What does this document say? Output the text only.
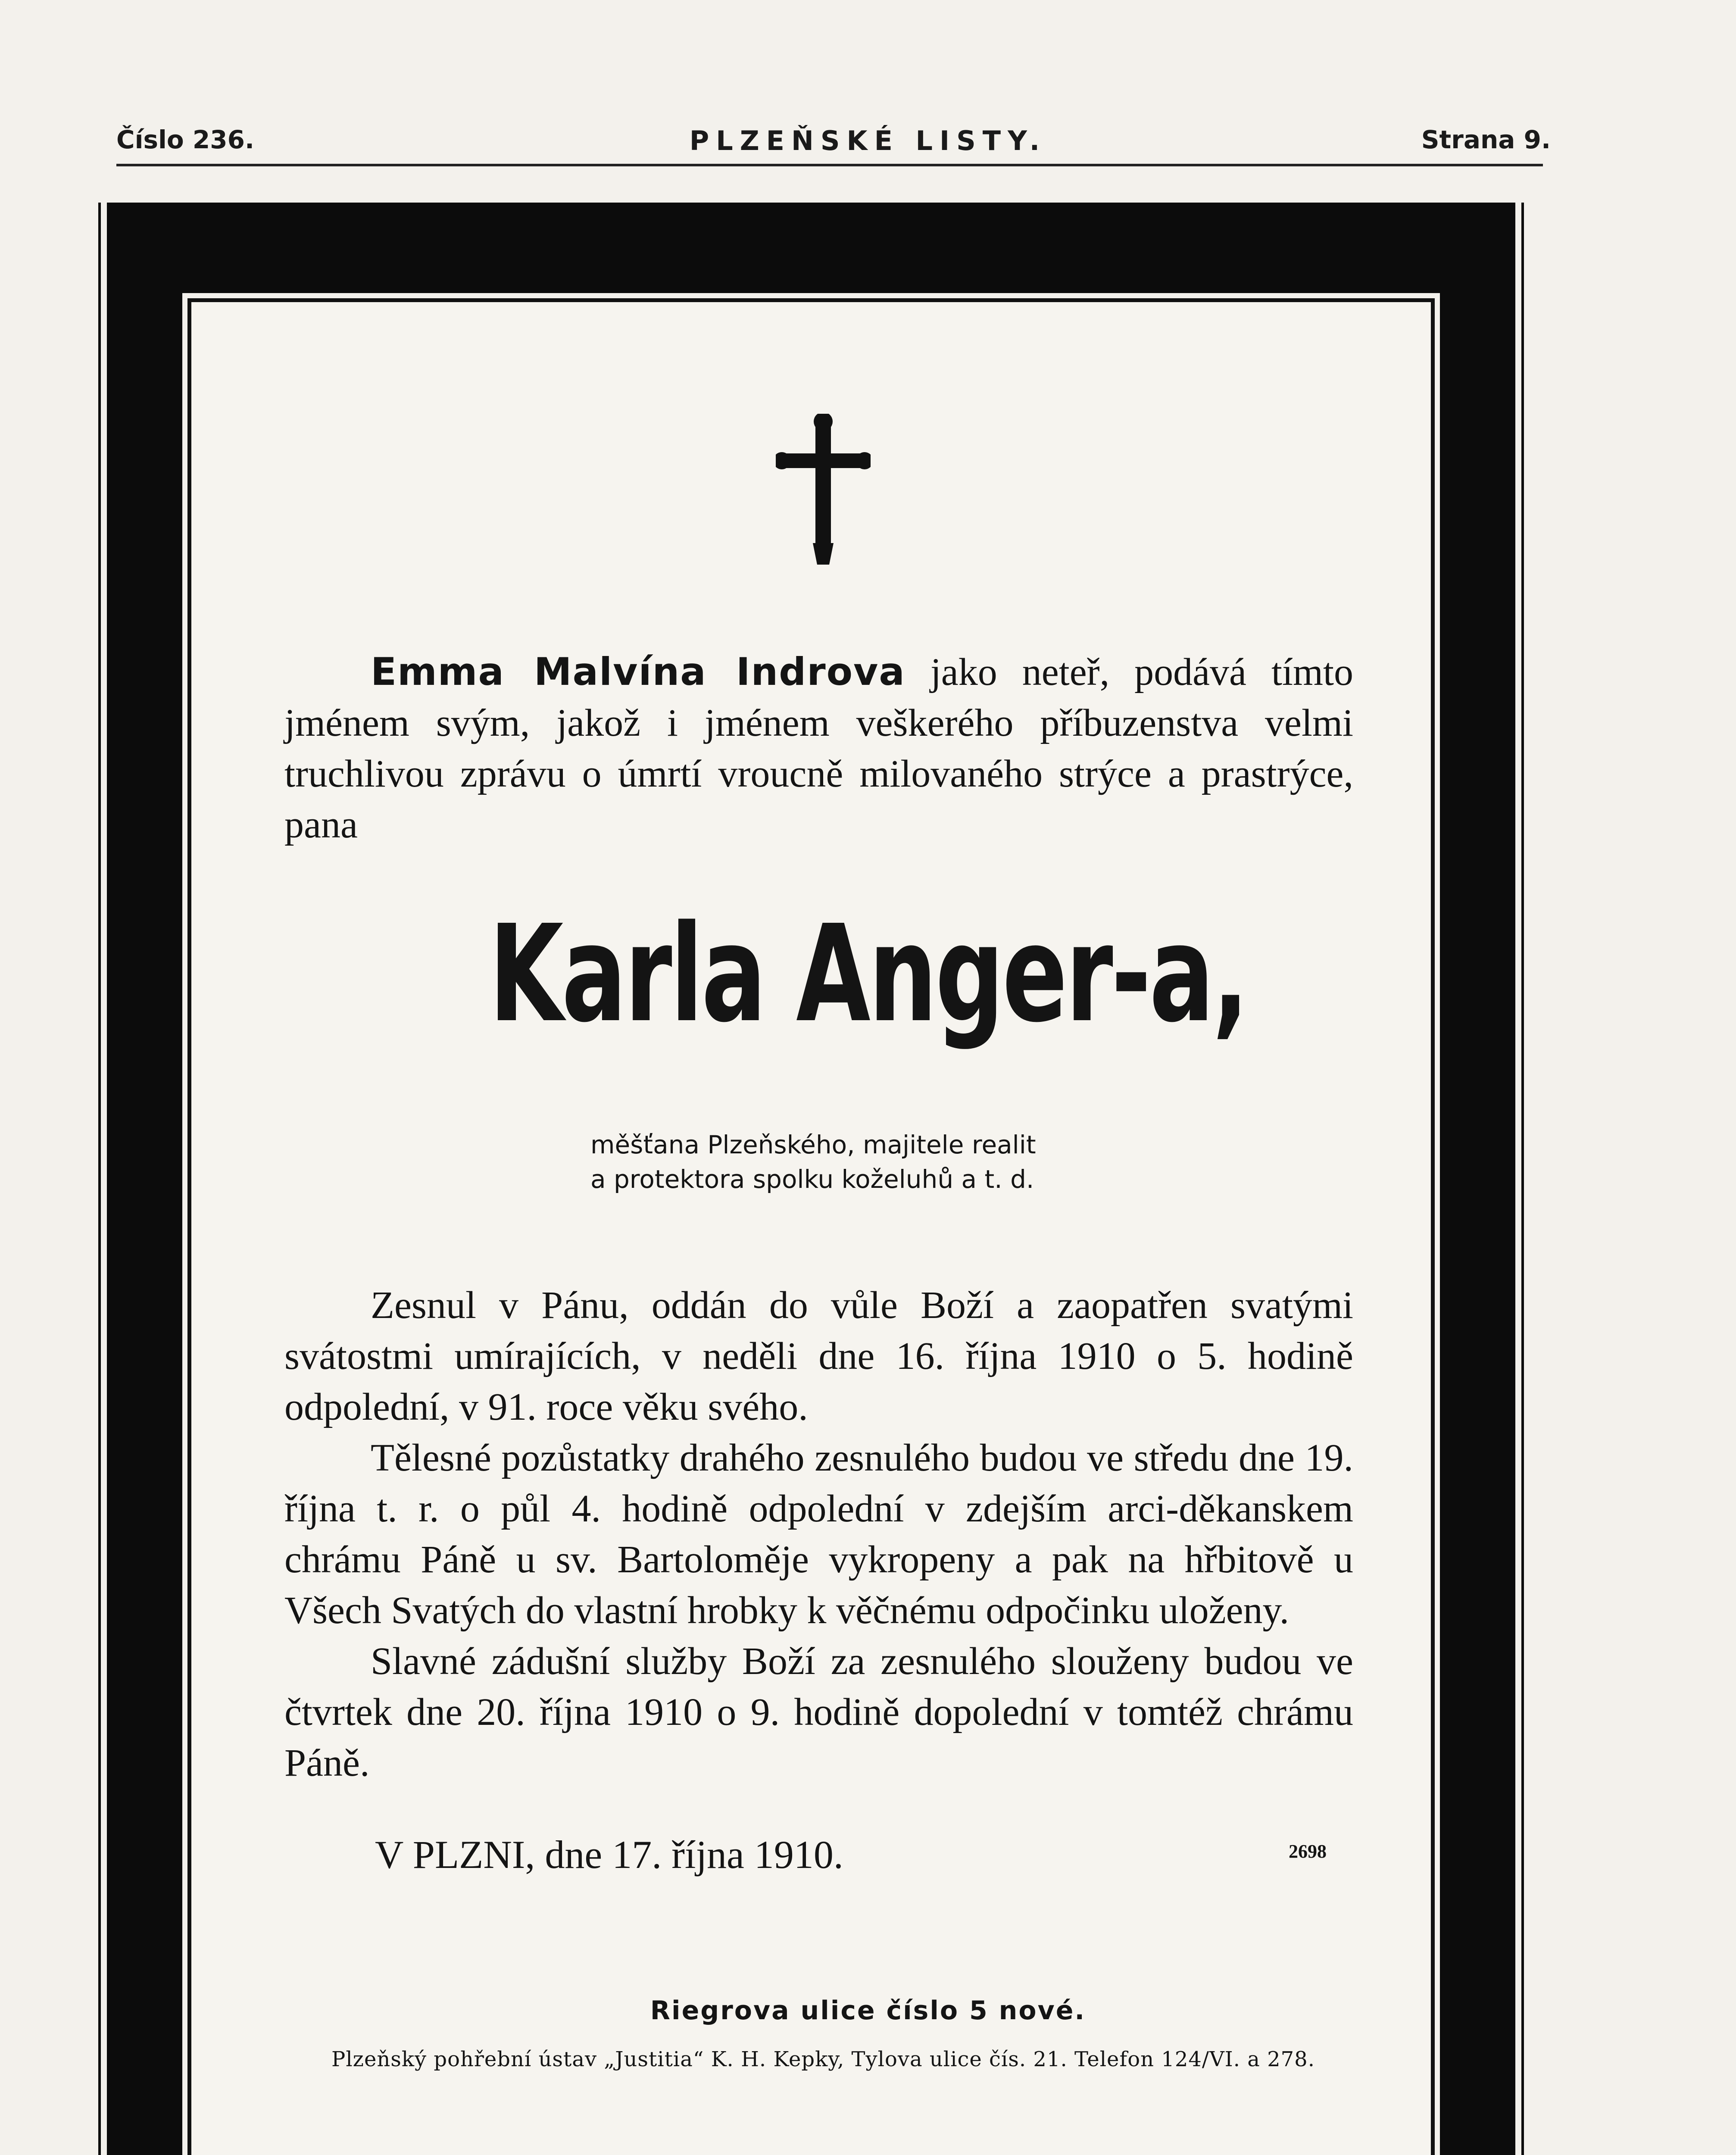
Číslo 236.	PLZEŇSKÉ LISTY.	Strana 9.

Emma Malvína Indrova jako neteř, podává tímto jménem svým, jakož i jménem veškerého příbuzenstva velmi truchlivou zprávu o úmrtí vroucně milovaného strýce a prastrýce, pana

Karla Anger-a,
měšťana Plzeňského, majitele realit
a protektora spolku koželuhů a t. d.

Zesnul v Pánu, oddán do vůle Boží a zaopatřen svatými svátostmi umírajících, v neděli dne 16. října 1910 o 5. hodině odpolední, v 91. roce věku svého.

Tělesné pozůstatky drahého zesnulého budou ve středu dne 19. října t. r. o půl 4. hodině odpolední v zdejším arci-děkanskem chrámu Páně u sv. Bartoloměje vykropeny a pak na hřbitově u Všech Svatých do vlastní hrobky k věčnému odpočinku uloženy.

Slavné zádušní služby Boží za zesnulého slouženy budou ve čtvrtek dne 20. října 1910 o 9. hodině dopolední v tomtéž chrámu Páně.

V PLZNI, dne 17. října 1910.	2698
Riegrova ulice číslo 5 nové.
Plzeňský pohřební ústav „Justitia“ K. H. Kepky, Tylova ulice čís. 21. Telefon 124/VI. a 278.
